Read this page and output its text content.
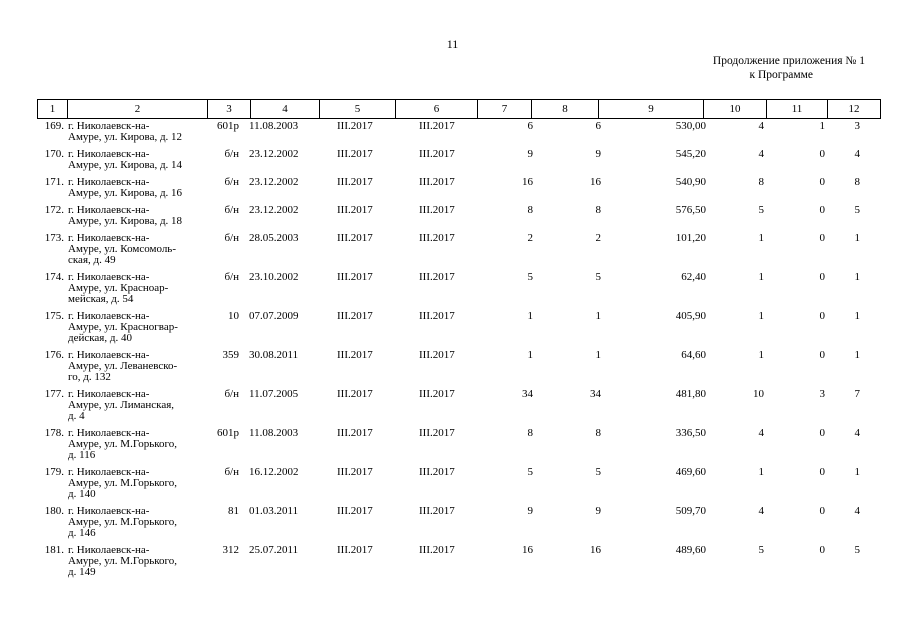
11
Продолжение приложения № 1
к Программе
1	2	3	4	5	6	7	8	9	10	11	12
169. г. Николаевск-на-
Амуре, ул. Кирова, д. 12
601р 11.08.2003	III.2017	III.2017	6	6	530,00	4	1	3
170. г. Николаевск-на-
Амуре, ул. Кирова, д. 14
б/н 23.12.2002	III.2017	III.2017	9	9	545,20	4	0	4
171. г. Николаевск-на-
Амуре, ул. Кирова, д. 16
б/н 23.12.2002	III.2017	III.2017	16	16	540,90	8	0	8
172. г. Николаевск-на-
Амуре, ул. Кирова, д. 18
б/н 23.12.2002	III.2017	III.2017	8	8	576,50	5	0	5
173. г. Николаевск-на-
Амуре, ул. Комсомоль-
ская, д. 49
б/н 28.05.2003	III.2017	III.2017	2	2	101,20	1	0	1
174. г. Николаевск-на-
Амуре, ул. Красноар-
мейская, д. 54
б/н 23.10.2002	III.2017	III.2017	5	5	62,40	1	0	1
175. г. Николаевск-на-
Амуре, ул. Красногвар-
дейская, д. 40
10 07.07.2009	III.2017	III.2017	1	1	405,90	1	0	1
176. г. Николаевск-на-
Амуре, ул. Леваневско-
го, д. 132
359 30.08.2011	III.2017	III.2017	1	1	64,60	1	0	1
177. г. Николаевск-на-
Амуре, ул. Лиманская,
д. 4
б/н 11.07.2005	III.2017	III.2017	34	34	481,80	10	3	7
178. г. Николаевск-на-
Амуре, ул. М.Горького,
д. 116
601р 11.08.2003	III.2017	III.2017	8	8	336,50	4	0	4
179. г. Николаевск-на-
Амуре, ул. М.Горького,
д. 140
б/н 16.12.2002	III.2017	III.2017	5	5	469,60	1	0	1
180. г. Николаевск-на-
Амуре, ул. М.Горького,
д. 146
81 01.03.2011	III.2017	III.2017	9	9	509,70	4	0	4
181. г. Николаевск-на-
Амуре, ул. М.Горького,
д. 149
312 25.07.2011	III.2017	III.2017	16	16	489,60	5	0	5
